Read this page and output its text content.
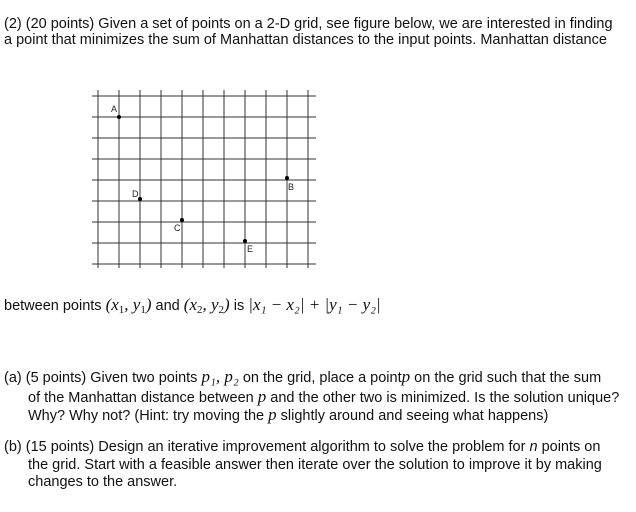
(2) (20 points) Given a set of points on a 2-D grid, see figure below, we are interested in finding
a point that minimizes the sum of Manhattan distances to the input points. Manhattan distance
A
B
C
D
E
between points ($x_1$, $y_1$) and ($x_2$, $y_2$) is |x₁ − x₂| + |y₁ − y₂|
(a) (5 points) Given two points p₁, p₂ on the grid, place a pointp on the grid such that the sum
of the Manhattan distance between p and the other two is minimized. Is the solution unique?
Why? Why not? (Hint: try moving the p slightly around and seeing what happens)
(b) (15 points) Design an iterative improvement algorithm to solve the problem for n points on
the grid. Start with a feasible answer then iterate over the solution to improve it by making
changes to the answer.
